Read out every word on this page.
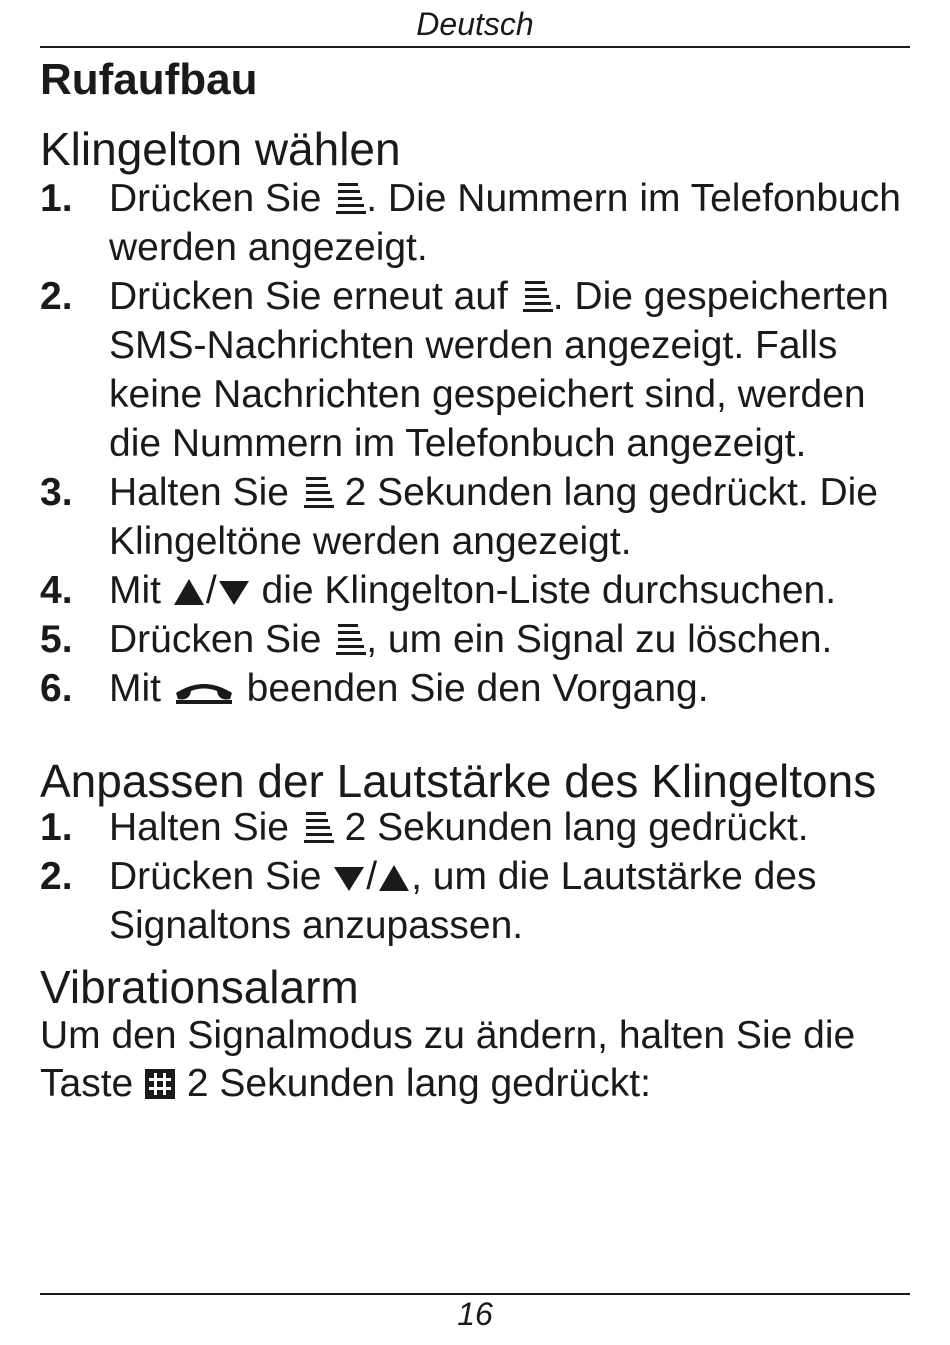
Deutsch
Rufaufbau
Klingelton wählen
1. Drücken Sie
. Die Nummern im Telefonbuch werden angezeigt.
2. Drücken Sie erneut auf
. Die gespeicherten SMS-Nachrichten werden angezeigt. Falls keine Nachrichten gespeichert sind, werden die Nummern im Telefonbuch angezeigt.
3. Halten Sie
2 Sekunden lang gedrückt. Die Klingeltöne werden angezeigt.
4. Mit
/
die Klingelton-Liste durchsuchen.
5. Drücken Sie
, um ein Signal zu löschen.
6. Mit
beenden Sie den Vorgang.
Anpassen der Lautstärke des Klingeltons
1. Halten Sie
2 Sekunden lang gedrückt.
2. Drücken Sie
/ , um die Lautstärke des Signaltons anzupassen.
Vibrationsalarm

Um den Signalmodus zu ändern, halten Sie die Taste
2 Sekunden lang gedrückt:

16
